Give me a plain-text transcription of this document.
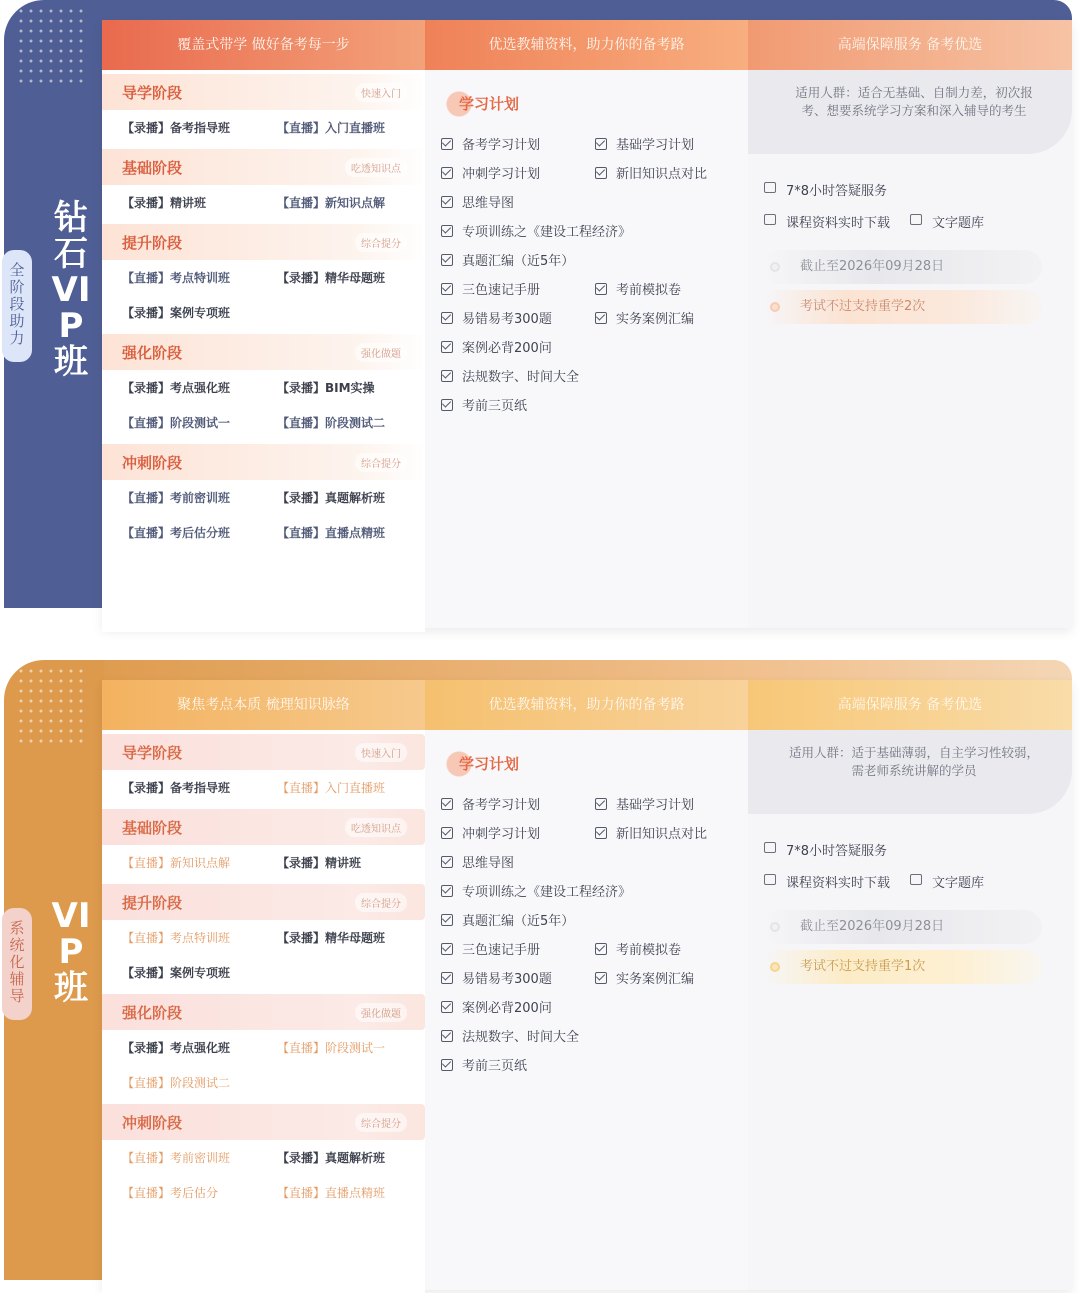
钻石VIP班
全阶段助力
覆盖式带学 做好备考每一步
导学阶段	快速入门
【录播】备考指导班	【直播】入门直播班
基础阶段	吃透知识点
【录播】精讲班	【直播】新知识点解
提升阶段	综合提分
【直播】考点特训班	【录播】精华母题班
【录播】案例专项班
强化阶段	强化做题
【录播】考点强化班	【录播】BIM实操
【直播】阶段测试一	【直播】阶段测试二
冲刺阶段	综合提分
【直播】考前密训班	【录播】真题解析班
【直播】考后估分班	【直播】直播点精班
优选教辅资料，助力你的备考路
学习计划
备考学习计划	基础学习计划
冲刺学习计划	新旧知识点对比
思维导图
专项训练之《建设工程经济》
真题汇编（近5年）
三色速记手册	考前模拟卷
易错易考300题	实务案例汇编
案例必背200问
法规数字、时间大全
考前三页纸
高端保障服务 备考优选
适用人群：适合无基础、自制力差，初次报考、想要系统学习方案和深入辅导的考生
7*8小时答疑服务
课程资料实时下载	文字题库
截止至2026年09月28日
考试不过支持重学2次
VIP班
系统化辅导
聚焦考点本质 梳理知识脉络
导学阶段	快速入门
【录播】备考指导班	【直播】入门直播班
基础阶段	吃透知识点
【直播】新知识点解	【录播】精讲班
提升阶段	综合提分
【直播】考点特训班	【录播】精华母题班
【录播】案例专项班
强化阶段	强化做题
【录播】考点强化班	【直播】阶段测试一
【直播】阶段测试二
冲刺阶段	综合提分
【直播】考前密训班	【录播】真题解析班
【直播】考后估分	【直播】直播点精班
优选教辅资料，助力你的备考路
学习计划
备考学习计划	基础学习计划
冲刺学习计划	新旧知识点对比
思维导图
专项训练之《建设工程经济》
真题汇编（近5年）
三色速记手册	考前模拟卷
易错易考300题	实务案例汇编
案例必背200问
法规数字、时间大全
考前三页纸
高端保障服务 备考优选
适用人群：适于基础薄弱，自主学习性较弱，需老师系统讲解的学员
7*8小时答疑服务
课程资料实时下载	文字题库
截止至2026年09月28日
考试不过支持重学1次
